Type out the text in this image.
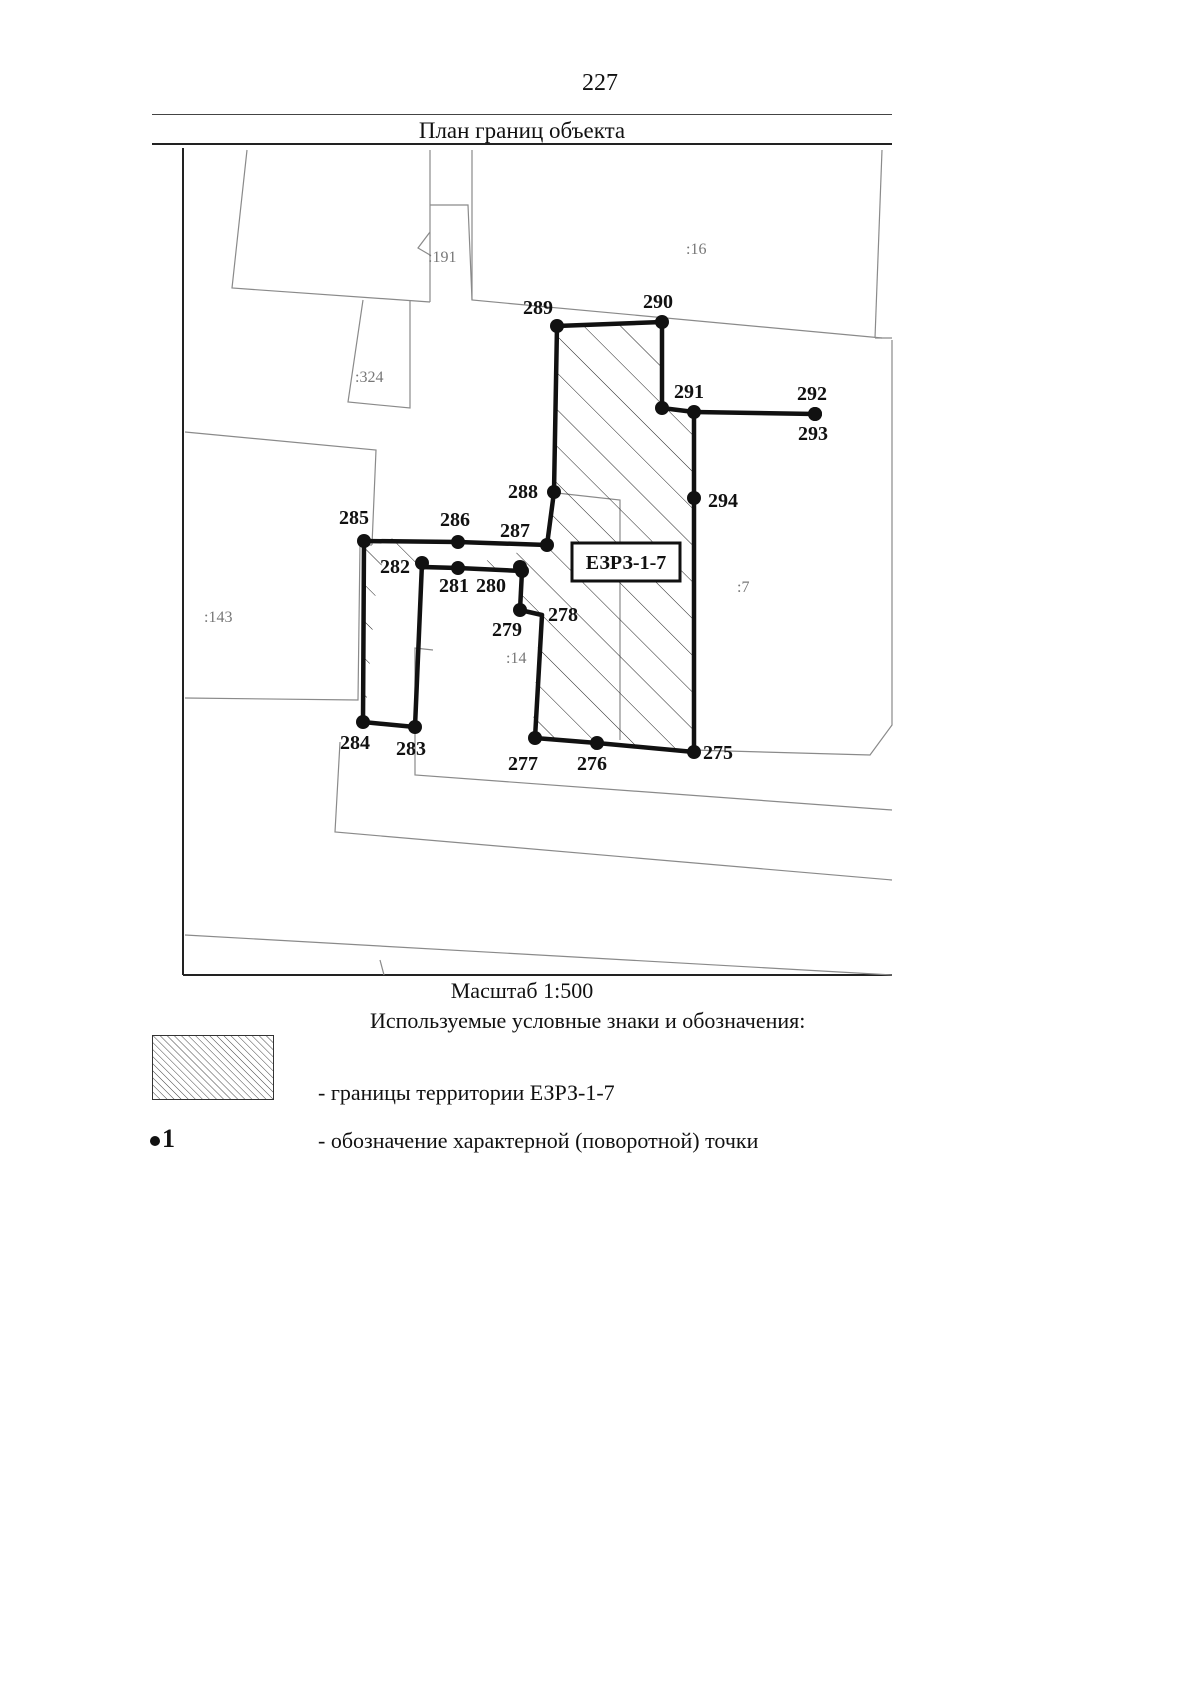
227
План границ объекта
:191	:16
:324
:143
:7
:14
275
276
277
278
279
280
281
282
283
284
285	286 287
288
289	290
291	292
293
294
ЕЗРЗ-1-7
Масштаб 1:500
Используемые условные знаки и обозначения:
- границы территории ЕЗРЗ-1-7
1	- обозначение характерной (поворотной) точки
